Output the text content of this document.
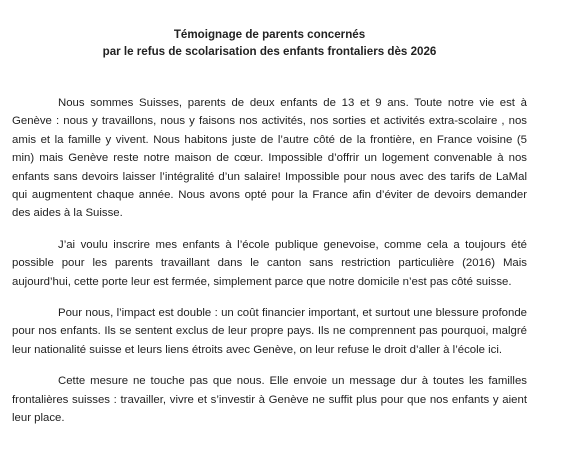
Témoignage de parents concernés
par le refus de scolarisation des enfants frontaliers dès 2026

Nous sommes Suisses, parents de deux enfants de 13 et 9 ans. Toute notre vie est à Genève : nous y travaillons, nous y faisons nos activités, nos sorties et activités extra-scolaire , nos amis et la famille y vivent. Nous habitons juste de l’autre côté de la frontière, en France voisine (5 min) mais Genève reste notre maison de cœur. Impossible d’offrir un logement convenable à nos enfants sans devoirs laisser l’intégralité d’un salaire! Impossible pour nous avec des tarifs de LaMal qui augmentent chaque année. Nous avons opté pour la France afin d’éviter de devoirs demander des aides à la Suisse.

J’ai voulu inscrire mes enfants à l’école publique genevoise, comme cela a toujours été possible pour les parents travaillant dans le canton sans restriction particulière (2016) Mais aujourd’hui, cette porte leur est fermée, simplement parce que notre domicile n’est pas côté suisse.

Pour nous, l’impact est double : un coût financier important, et surtout une blessure profonde pour nos enfants. Ils se sentent exclus de leur propre pays. Ils ne comprennent pas pourquoi, malgré leur nationalité suisse et leurs liens étroits avec Genève, on leur refuse le droit d’aller à l’école ici.

Cette mesure ne touche pas que nous. Elle envoie un message dur à toutes les familles frontalières suisses : travailler, vivre et s’investir à Genève ne suffit plus pour que nos enfants y aient leur place.
